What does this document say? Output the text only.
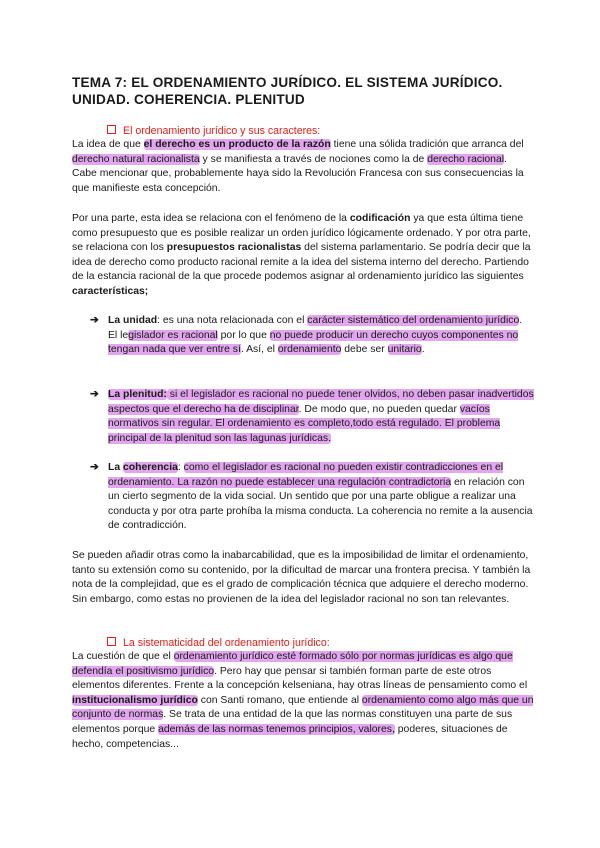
TEMA 7: EL ORDENAMIENTO JURÍDICO. EL SISTEMA JURÍDICO. UNIDAD. COHERENCIA. PLENITUD

El ordenamiento jurídico y sus caracteres:

La idea de que el derecho es un producto de la razón tiene una sólida tradición que arranca del derecho natural racionalista y se manifiesta a través de nociones como la de derecho racional. Cabe mencionar que, probablemente haya sido la Revolución Francesa con sus consecuencias la que manifieste esta concepción.

Por una parte, esta idea se relaciona con el fenómeno de la codificación ya que esta última tiene como presupuesto que es posible realizar un orden jurídico lógicamente ordenado. Y por otra parte, se relaciona con los presupuestos racionalistas del sistema parlamentario. Se podría decir que la idea de derecho como producto racional remite a la idea del sistema interno del derecho. Partiendo de la estancia racional de la que procede podemos asignar al ordenamiento jurídico las siguientes características;

➔ La unidad: es una nota relacionada con el carácter sistemático del ordenamiento jurídico. El legislador es racional por lo que no puede producir un derecho cuyos componentes no tengan nada que ver entre sí. Así, el ordenamiento debe ser unitario.
➔ La plenitud: si el legislador es racional no puede tener olvidos, no deben pasar inadvertidos aspectos que el derecho ha de disciplinar. De modo que, no pueden quedar vacíos normativos sin regular. El ordenamiento es completo,todo está regulado. El problema principal de la plenitud son las lagunas jurídicas.
➔ La coherencia: como el legislador es racional no pueden existir contradicciones en el ordenamiento. La razón no puede establecer una regulación contradictoria en relación con un cierto segmento de la vida social. Un sentido que por una parte obligue a realizar una conducta y por otra parte prohíba la misma conducta. La coherencia no remite a la ausencia de contradicción.

Se pueden añadir otras como la inabarcabilidad, que es la imposibilidad de limitar el ordenamiento, tanto su extensión como su contenido, por la dificultad de marcar una frontera precisa. Y también la nota de la complejidad, que es el grado de complicación técnica que adquiere el derecho moderno. Sin embargo, como estas no provienen de la idea del legislador racional no son tan relevantes.

La sistematicidad del ordenamiento jurídico:

La cuestión de que el ordenamiento jurídico esté formado sólo por normas jurídicas es algo que defendía el positivismo jurídico. Pero hay que pensar si también forman parte de este otros elementos diferentes. Frente a la concepción kelseniana, hay otras líneas de pensamiento como el institucionalismo jurídico con Santi romano, que entiende al ordenamiento como algo más que un conjunto de normas. Se trata de una entidad de la que las normas constituyen una parte de sus elementos porque además de las normas tenemos principios, valores, poderes, situaciones de hecho, competencias...
